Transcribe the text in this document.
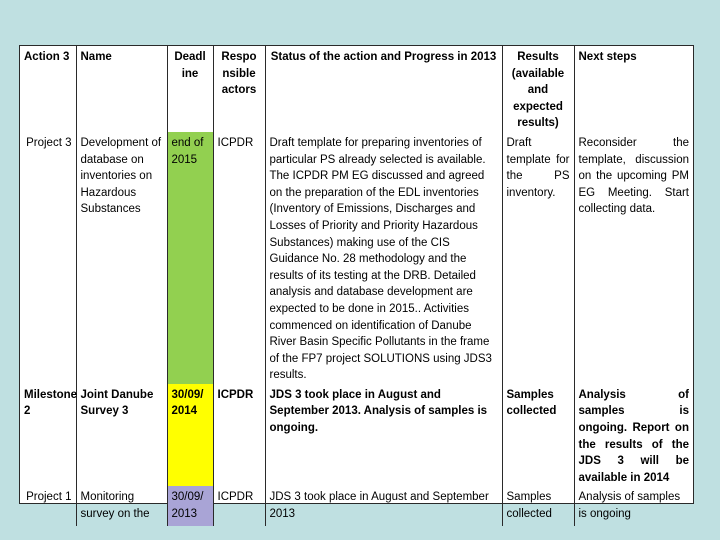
Action 3	Name	Deadl ine	Respo nsible actors	Status of the action and Progress in 2013	Results (available and expected results)	Next steps
Project 3	Development of database on inventories on Hazardous Substances	end of 2015	ICPDR	Draft template for preparing inventories of particular PS already selected is available. The ICPDR PM EG discussed and agreed on the preparation of the EDL inventories (Inventory of Emissions, Discharges and Losses of Priority and Priority Hazardous Substances) making use of the CIS Guidance No. 28 methodology and the results of its testing at the DRB. Detailed analysis and database development are expected to be done in 2015.. Activities commenced on identification of Danube River Basin Specific Pollutants in the frame of the FP7 project SOLUTIONS using JDS3 results.	Draft template for the PS inventory.	Reconsider the template, discussion on the upcoming PM EG Meeting. Start collecting data.
Milestone 2	Joint Danube Survey 3	30/09/ 2014	ICPDR	JDS 3 took place in August and September 2013. Analysis of samples is ongoing.	Samples collected	Analysis of samples is ongoing. Report on the results of the JDS 3 will be available in 2014
Project 1	Monitoring survey on the	30/09/ 2013	ICPDR	JDS 3 took place in August and September 2013	Samples collected	Analysis of samples is ongoing
